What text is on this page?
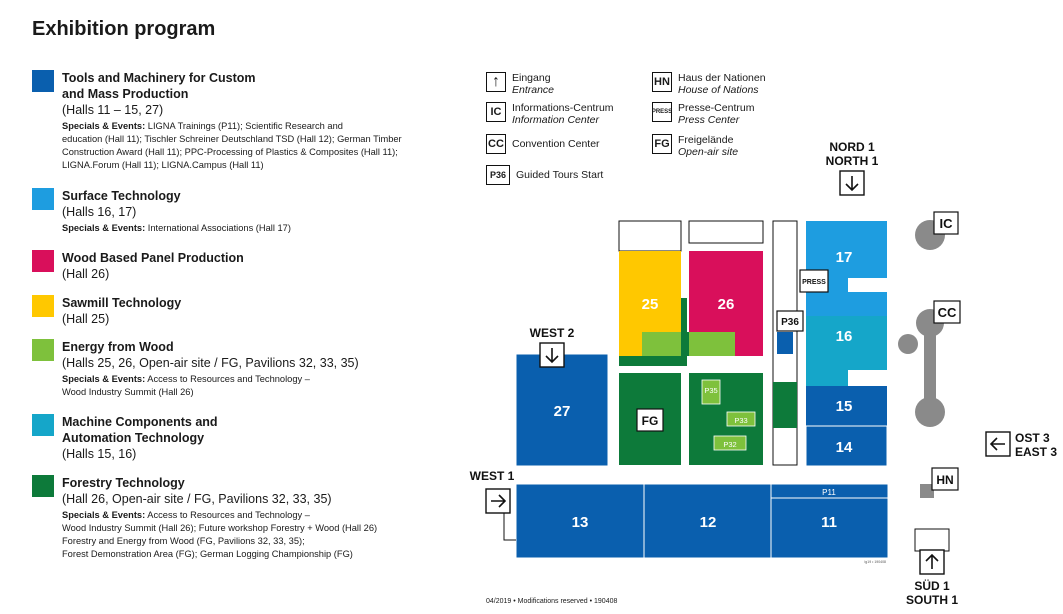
Exhibition program
Tools and Machinery for Custom
and Mass Production
(Halls 11 – 15, 27)
Specials & Events: LIGNA Trainings (P11); Scientific Research and
education (Hall 11); Tischler Schreiner Deutschland TSD (Hall 12); German Timber
Construction Award (Hall 11); PPC-Processing of Plastics & Composites (Hall 11);
LIGNA.Forum (Hall 11); LIGNA.Campus (Hall 11)
Surface Technology
(Halls 16, 17)
Specials & Events: International Associations (Hall 17)
Wood Based Panel Production
(Hall 26)
Sawmill Technology
(Hall 25)
Energy from Wood
(Halls 25, 26, Open-air site / FG, Pavilions 32, 33, 35)
Specials & Events: Access to Resources and Technology –
Wood Industry Summit (Hall 26)
Machine Components and
Automation Technology
(Halls 15, 16)
Forestry Technology
(Hall 26, Open-air site / FG, Pavilions 32, 33, 35)
Specials & Events: Access to Resources and Technology –
Wood Industry Summit (Hall 26); Future workshop Forestry + Wood (Hall 26)
Forestry and Energy from Wood (FG, Pavilions 32, 33, 35);
Forest Demonstration Area (FG); German Logging Championship (FG)
↑	Eingang
Entrance
IC	Informations-Centrum
Information Center
CC Convention Center
P36 Guided Tours Start
HN Haus der Nationen
House of Nations
PRESS Presse-Centrum
Press Center
FG Freigelände
Open-air site
27
13	12
P11
11
lg19 • 190408
25	26
P36
FG
P35
P33
P32
17
16
15
14
PRESS
IC
CC
HN
NORD 1
NORTH 1
WEST 2
WEST 1
OST 3
EAST 3
SÜD 1
SOUTH 1
04/2019 • Modifications reserved • 190408
